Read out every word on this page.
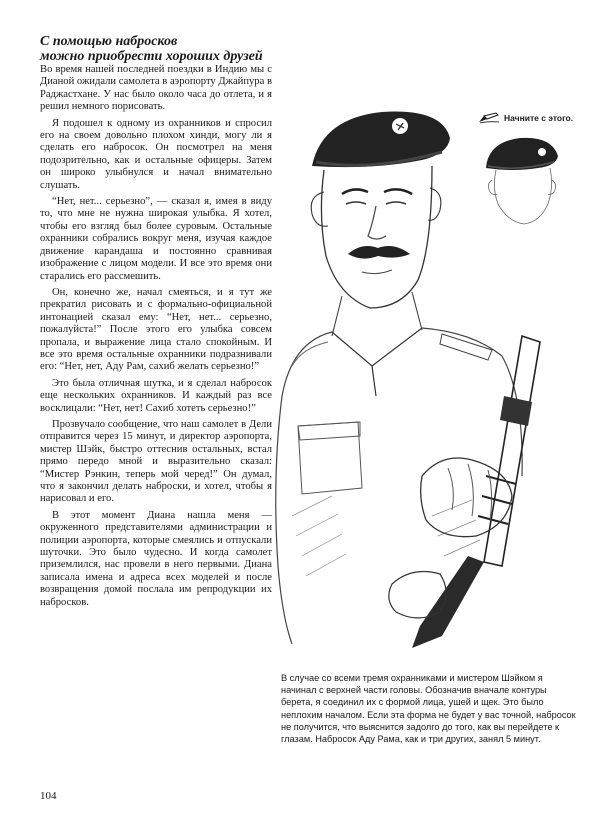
С помощью набросков
можно приобрести хороших друзей

Во время нашей последней поездки в Индию мы с Дианой ожидали самолета в аэропорту Джайпура в Раджастхане. У нас было около часа до отлета, и я решил немного порисовать.

Я подошел к одному из охранников и спросил его на своем довольно плохом хинди, могу ли я сделать его набросок. Он посмотрел на меня подозрительно, как и остальные офицеры. Затем он широко улыбнулся и начал внимательно слушать.

“Нет, нет... серьезно”, — сказал я, имея в виду то, что мне не нужна широкая улыбка. Я хотел, чтобы его взгляд был более суровым. Остальные охранники собрались вокруг меня, изучая каждое движение карандаша и постоянно сравнивая изображение с лицом модели. И все это время они старались его рассмешить.

Он, конечно же, начал смеяться, и я тут же прекратил рисовать и с формально-официальной интонацией сказал ему: “Нет, нет... серьезно, пожалуйста!” После этого его улыбка совсем пропала, и выражение лица стало спокойным. И все это время остальные охранники подразнивали его: “Нет, нет, Аду Рам, сахиб желать серьезно!”

Это была отличная шутка, и я сделал набросок еще нескольких охранников. И каждый раз все восклицали: “Нет, нет! Сахиб хотеть серьезно!”

Прозвучало сообщение, что наш самолет в Дели отправится через 15 минут, и директор аэропорта, мистер Шэйк, быстро оттеснив остальных, встал прямо передо мной и выразительно сказал: “Мистер Рэнкин, теперь мой черед!” Он думал, что я закончил делать наброски, и хотел, чтобы я нарисовал и его.

В этот момент Диана нашла меня — окруженного представителями администрации и полиции аэропорта, которые смеялись и отпускали шуточки. Это было чудесно. И когда самолет приземлился, нас провели в него первыми. Диана записала имена и адреса всех моделей и после возвращения домой послала им репродукции их набросков.

Начните с этого.
В случае со всеми тремя охранниками и мистером Шэйком я начинал с верхней части головы. Обозначив вначале контуры берета, я соединил их с формой лица, ушей и щек. Это было неплохим началом. Если эта форма не будет у вас точной, набросок не получится, что выяснится задолго до того, как вы перейдете к глазам. Набросок Аду Рама, как и три других, занял 5 минут.
104
